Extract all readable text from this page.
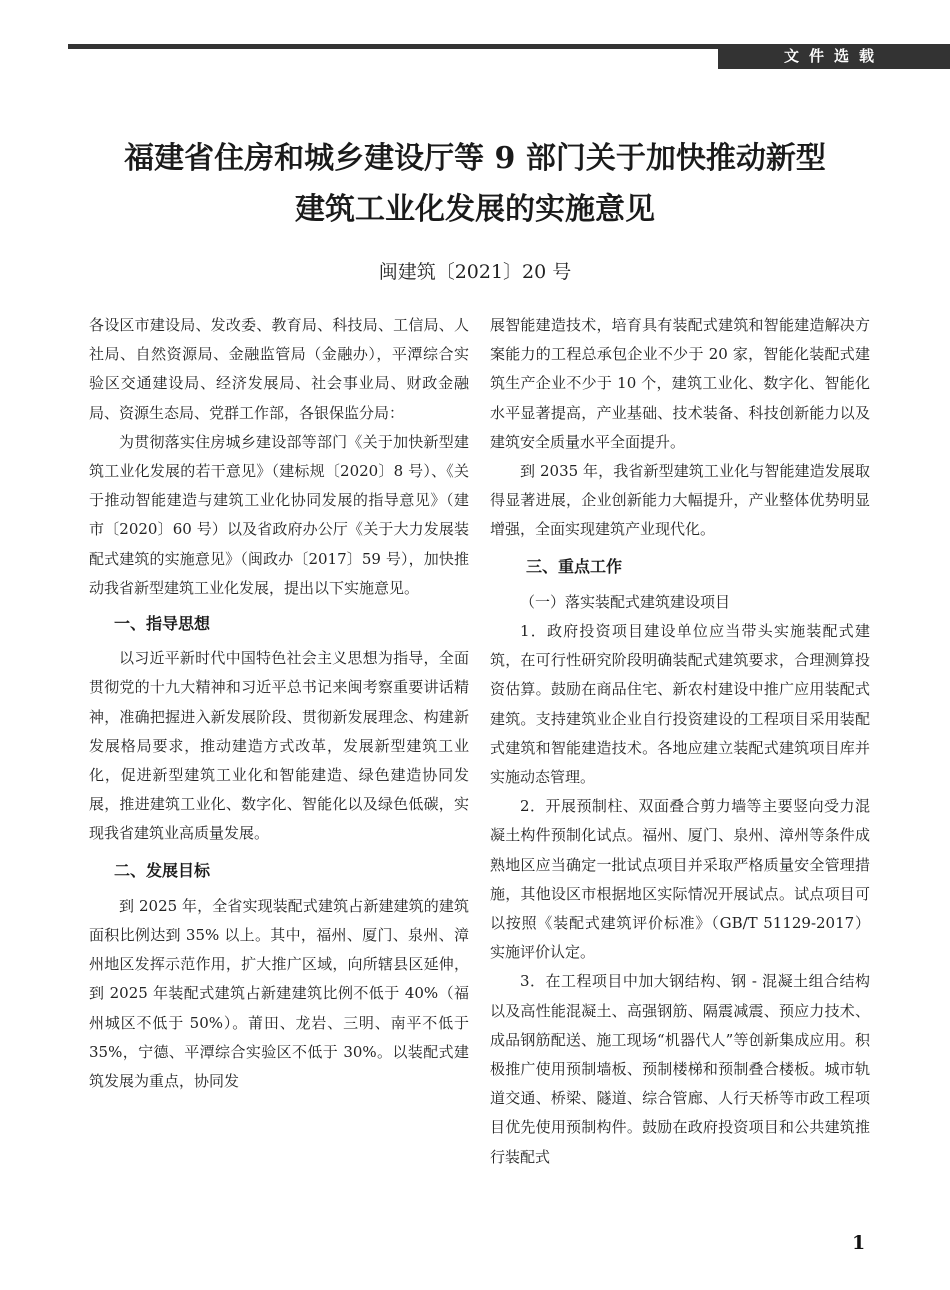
文件选载
福建省住房和城乡建设厅等 9 部门关于加快推动新型
建筑工业化发展的实施意见
闽建筑〔2021〕20 号

各设区市建设局、发改委、教育局、科技局、工信局、人社局、自然资源局、金融监管局（金融办），平潭综合实验区交通建设局、经济发展局、社会事业局、财政金融局、资源生态局、党群工作部，各银保监分局：

为贯彻落实住房城乡建设部等部门《关于加快新型建筑工业化发展的若干意见》（建标规〔2020〕8 号）、《关于推动智能建造与建筑工业化协同发展的指导意见》（建市〔2020〕60 号）以及省政府办公厅《关于大力发展装配式建筑的实施意见》（闽政办〔2017〕59 号），加快推动我省新型建筑工业化发展，提出以下实施意见。

一、指导思想

以习近平新时代中国特色社会主义思想为指导，全面贯彻党的十九大精神和习近平总书记来闽考察重要讲话精神，准确把握进入新发展阶段、贯彻新发展理念、构建新发展格局要求，推动建造方式改革，发展新型建筑工业化，促进新型建筑工业化和智能建造、绿色建造协同发展，推进建筑工业化、数字化、智能化以及绿色低碳，实现我省建筑业高质量发展。

二、发展目标

到 2025 年，全省实现装配式建筑占新建建筑的建筑面积比例达到 35% 以上。其中，福州、厦门、泉州、漳州地区发挥示范作用，扩大推广区域，向所辖县区延伸，到 2025 年装配式建筑占新建建筑比例不低于 40%（福州城区不低于 50%）。莆田、龙岩、三明、南平不低于 35%，宁德、平潭综合实验区不低于 30%。以装配式建筑发展为重点，协同发

展智能建造技术，培育具有装配式建筑和智能建造解决方案能力的工程总承包企业不少于 20 家，智能化装配式建筑生产企业不少于 10 个，建筑工业化、数字化、智能化水平显著提高，产业基础、技术装备、科技创新能力以及建筑安全质量水平全面提升。

到 2035 年，我省新型建筑工业化与智能建造发展取得显著进展，企业创新能力大幅提升，产业整体优势明显增强，全面实现建筑产业现代化。

三、重点工作
（一）落实装配式建筑建设项目

1．政府投资项目建设单位应当带头实施装配式建筑，在可行性研究阶段明确装配式建筑要求，合理测算投资估算。鼓励在商品住宅、新农村建设中推广应用装配式建筑。支持建筑业企业自行投资建设的工程项目采用装配式建筑和智能建造技术。各地应建立装配式建筑项目库并实施动态管理。

2．开展预制柱、双面叠合剪力墙等主要竖向受力混凝土构件预制化试点。福州、厦门、泉州、漳州等条件成熟地区应当确定一批试点项目并采取严格质量安全管理措施，其他设区市根据地区实际情况开展试点。试点项目可以按照《装配式建筑评价标准》（GB/T 51129-2017）实施评价认定。

3．在工程项目中加大钢结构、钢 - 混凝土组合结构以及高性能混凝土、高强钢筋、隔震减震、预应力技术、成品钢筋配送、施工现场“机器代人”等创新集成应用。积极推广使用预制墙板、预制楼梯和预制叠合楼板。城市轨道交通、桥梁、隧道、综合管廊、人行天桥等市政工程项目优先使用预制构件。鼓励在政府投资项目和公共建筑推行装配式

1
